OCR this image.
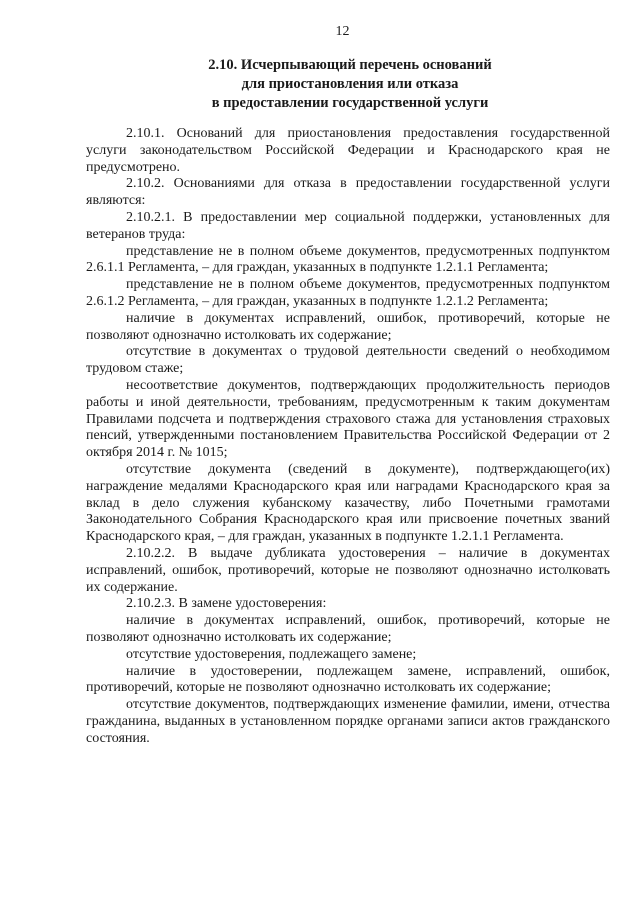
12
2.10. Исчерпывающий перечень оснований
для приостановления или отказа
в предоставлении государственной услуги

2.10.1. Оснований для приостановления предоставления государственной услуги законодательством Российской Федерации и Краснодарского края не предусмотрено.

2.10.2. Основаниями для отказа в предоставлении государственной услуги являются:

2.10.2.1. В предоставлении мер социальной поддержки, установленных для ветеранов труда:

представление не в полном объеме документов, предусмотренных подпунктом 2.6.1.1 Регламента, – для граждан, указанных в подпункте 1.2.1.1 Регламента;

представление не в полном объеме документов, предусмотренных подпунктом 2.6.1.2 Регламента, – для граждан, указанных в подпункте 1.2.1.2 Регламента;

наличие в документах исправлений, ошибок, противоречий, которые не позволяют однозначно истолковать их содержание;

отсутствие в документах о трудовой деятельности сведений о необходимом трудовом стаже;

несоответствие документов, подтверждающих продолжительность периодов работы и иной деятельности, требованиям, предусмотренным к таким документам Правилами подсчета и подтверждения страхового стажа для установления страховых пенсий, утвержденными постановлением Правительства Российской Федерации от 2 октября 2014 г. № 1015;

отсутствие документа (сведений в документе), подтверждающего(их) награждение медалями Краснодарского края или наградами Краснодарского края за вклад в дело служения кубанскому казачеству, либо Почетными грамотами Законодательного Собрания Краснодарского края или присвоение почетных званий Краснодарского края, – для граждан, указанных в подпункте 1.2.1.1 Регламента.

2.10.2.2. В выдаче дубликата удостоверения – наличие в документах исправлений, ошибок, противоречий, которые не позволяют однозначно истолковать их содержание.

2.10.2.3. В замене удостоверения:

наличие в документах исправлений, ошибок, противоречий, которые не позволяют однозначно истолковать их содержание;

отсутствие удостоверения, подлежащего замене;

наличие в удостоверении, подлежащем замене, исправлений, ошибок, противоречий, которые не позволяют однозначно истолковать их содержание;

отсутствие документов, подтверждающих изменение фамилии, имени, отчества гражданина, выданных в установленном порядке органами записи актов гражданского состояния.
